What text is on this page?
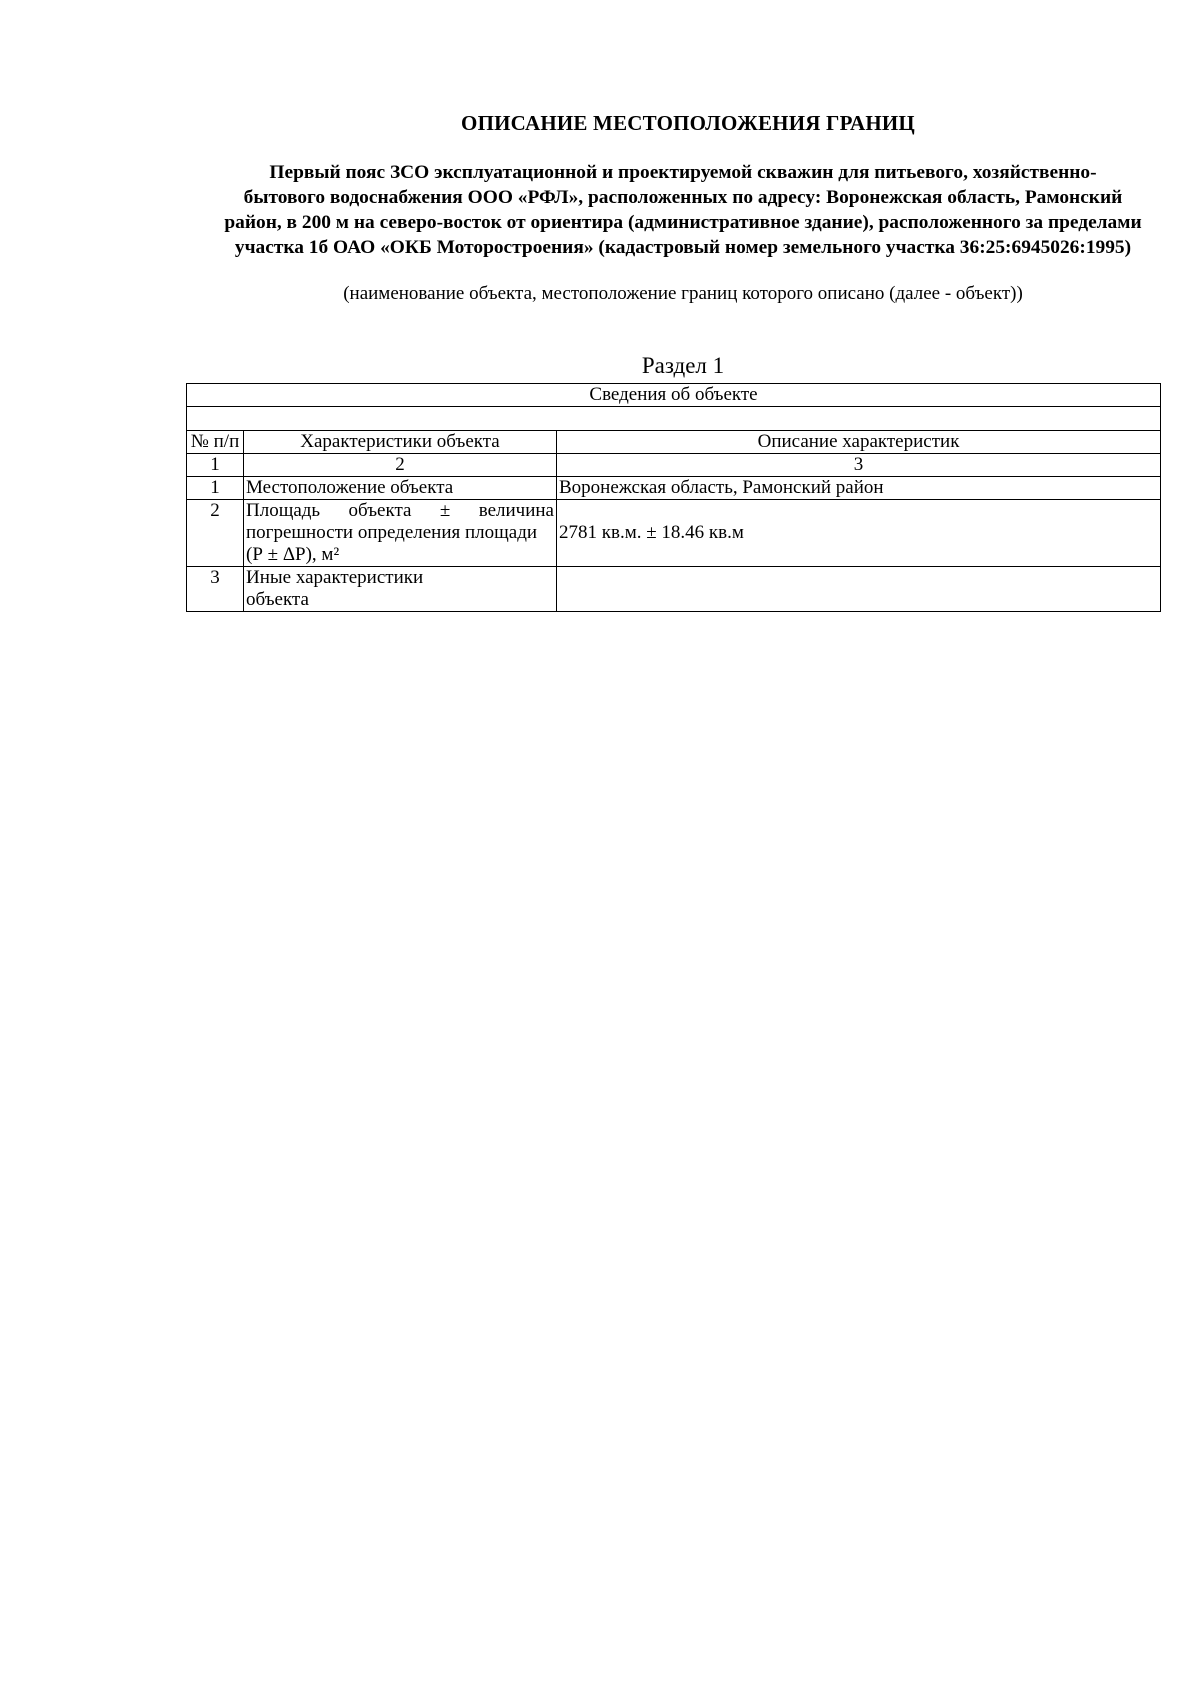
ОПИСАНИЕ МЕСТОПОЛОЖЕНИЯ ГРАНИЦ
Первый пояс ЗСО эксплуатационной и проектируемой скважин для питьевого, хозяйственно-
бытового водоснабжения ООО «РФЛ», расположенных по адресу: Воронежская область, Рамонский
район, в 200 м на северо-восток от ориентира (административное здание), расположенного за пределами
участка 1б ОАО «ОКБ Моторостроения» (кадастровый номер земельного участка 36:25:6945026:1995)
(наименование объекта, местоположение границ которого описано (далее - объект))
Раздел 1
Сведения об объекте		

№ п/п	Характеристики объекта	Описание характеристик
1	2	3
1	Местоположение объекта	Воронежская область, Рамонский район
2	Площадь объекта ± величина
погрешности определения площади
(Р ± ΔР), м²	2781 кв.м. ± 18.46 кв.м
3	Иные характеристики
объекта	
